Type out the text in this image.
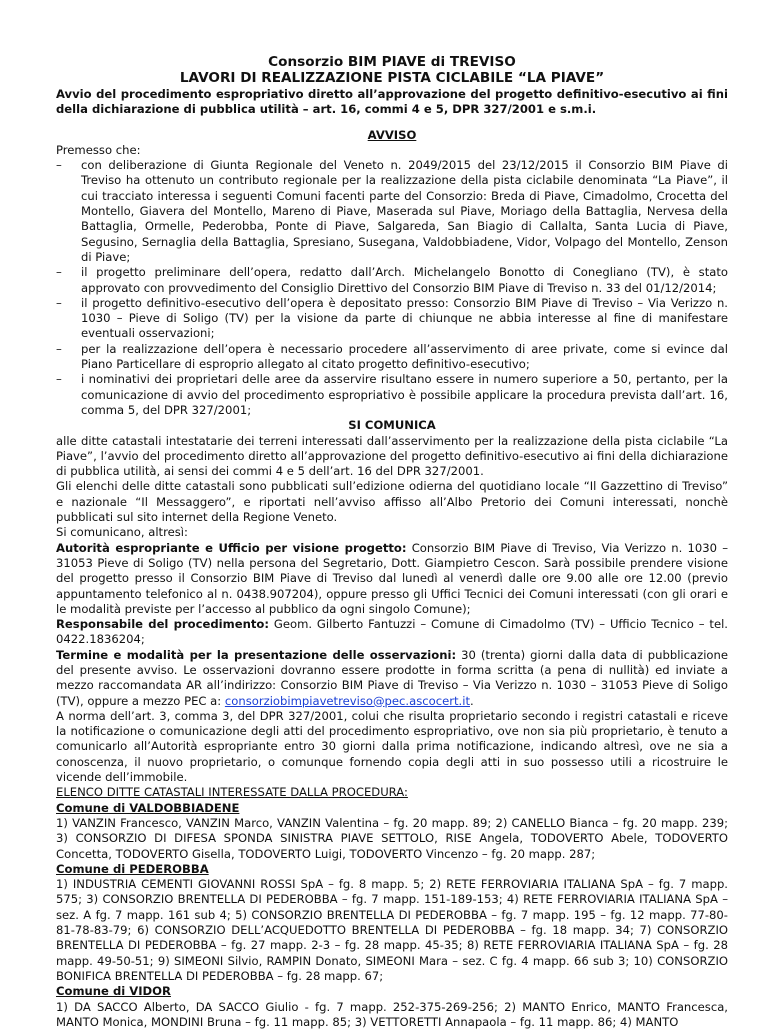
Consorzio BIM PIAVE di TREVISO
LAVORI DI REALIZZAZIONE PISTA CICLABILE “LA PIAVE”
Avvio del procedimento espropriativo diretto all’approvazione del progetto definitivo-esecutivo ai fini della dichiarazione di pubblica utilità – art. 16, commi 4 e 5, DPR 327/2001 e s.m.i.
AVVISO

Premesso che:

– con deliberazione di Giunta Regionale del Veneto n. 2049/2015 del 23/12/2015 il Consorzio BIM Piave di Treviso ha ottenuto un contributo regionale per la realizzazione della pista ciclabile denominata “La Piave”, il cui tracciato interessa i seguenti Comuni facenti parte del Consorzio: Breda di Piave, Cimadolmo, Crocetta del Montello, Giavera del Montello, Mareno di Piave, Maserada sul Piave, Moriago della Battaglia, Nervesa della Battaglia, Ormelle, Pederobba, Ponte di Piave, Salgareda, San Biagio di Callalta, Santa Lucia di Piave, Segusino, Sernaglia della Battaglia, Spresiano, Susegana, Valdobbiadene, Vidor, Volpago del Montello, Zenson di Piave;
– il progetto preliminare dell’opera, redatto dall’Arch. Michelangelo Bonotto di Conegliano (TV), è stato approvato con provvedimento del Consiglio Direttivo del Consorzio BIM Piave di Treviso n. 33 del 01/12/2014;
– il progetto definitivo-esecutivo dell’opera è depositato presso: Consorzio BIM Piave di Treviso – Via Verizzo n. 1030 – Pieve di Soligo (TV) per la visione da parte di chiunque ne abbia interesse al fine di manifestare eventuali osservazioni;
– per la realizzazione dell’opera è necessario procedere all’asservimento di aree private, come si evince dal Piano Particellare di esproprio allegato al citato progetto definitivo-esecutivo;
– i nominativi dei proprietari delle aree da asservire risultano essere in numero superiore a 50, pertanto, per la comunicazione di avvio del procedimento espropriativo è possibile applicare la procedura prevista dall’art. 16, comma 5, del DPR 327/2001;
SI COMUNICA

alle ditte catastali intestatarie dei terreni interessati dall’asservimento per la realizzazione della pista ciclabile “La Piave”, l’avvio del procedimento diretto all’approvazione del progetto definitivo-esecutivo ai fini della dichiarazione di pubblica utilità, ai sensi dei commi 4 e 5 dell’art. 16 del DPR 327/2001.

Gli elenchi delle ditte catastali sono pubblicati sull’edizione odierna del quotidiano locale “Il Gazzettino di Treviso” e nazionale “Il Messaggero”, e riportati nell’avviso affisso all’Albo Pretorio dei Comuni interessati, nonchè pubblicati sul sito internet della Regione Veneto.

Si comunicano, altresì:

Autorità espropriante e Ufficio per visione progetto: Consorzio BIM Piave di Treviso, Via Verizzo n. 1030 – 31053 Pieve di Soligo (TV) nella persona del Segretario, Dott. Giampietro Cescon. Sarà possibile prendere visione del progetto presso il Consorzio BIM Piave di Treviso dal lunedì al venerdì dalle ore 9.00 alle ore 12.00 (previo appuntamento telefonico al n. 0438.907204), oppure presso gli Uffici Tecnici dei Comuni interessati (con gli orari e le modalità previste per l’accesso al pubblico da ogni singolo Comune);

Responsabile del procedimento: Geom. Gilberto Fantuzzi – Comune di Cimadolmo (TV) – Ufficio Tecnico – tel. 0422.1836204;

Termine e modalità per la presentazione delle osservazioni: 30 (trenta) giorni dalla data di pubblicazione del presente avviso. Le osservazioni dovranno essere prodotte in forma scritta (a pena di nullità) ed inviate a mezzo raccomandata AR all’indirizzo: Consorzio BIM Piave di Treviso – Via Verizzo n. 1030 – 31053 Pieve di Soligo (TV), oppure a mezzo PEC a: consorziobimpiavetreviso@pec.ascocert.it.

A norma dell’art. 3, comma 3, del DPR 327/2001, colui che risulta proprietario secondo i registri catastali e riceve la notificazione o comunicazione degli atti del procedimento espropriativo, ove non sia più proprietario, è tenuto a comunicarlo all’Autorità espropriante entro 30 giorni dalla prima notificazione, indicando altresì, ove ne sia a conoscenza, il nuovo proprietario, o comunque fornendo copia degli atti in suo possesso utili a ricostruire le vicende dell’immobile.

ELENCO DITTE CATASTALI INTERESSATE DALLA PROCEDURA:

Comune di VALDOBBIADENE

1) VANZIN Francesco, VANZIN Marco, VANZIN Valentina – fg. 20 mapp. 89; 2) CANELLO Bianca – fg. 20 mapp. 239; 3) CONSORZIO DI DIFESA SPONDA SINISTRA PIAVE SETTOLO, RISE Angela, TODOVERTO Abele, TODOVERTO Concetta, TODOVERTO Gisella, TODOVERTO Luigi, TODOVERTO Vincenzo – fg. 20 mapp. 287;

Comune di PEDEROBBA

1) INDUSTRIA CEMENTI GIOVANNI ROSSI SpA – fg. 8 mapp. 5; 2) RETE FERROVIARIA ITALIANA SpA – fg. 7 mapp. 575; 3) CONSORZIO BRENTELLA DI PEDEROBBA – fg. 7 mapp. 151-189-153; 4) RETE FERROVIARIA ITALIANA SpA – sez. A fg. 7 mapp. 161 sub 4; 5) CONSORZIO BRENTELLA DI PEDEROBBA – fg. 7 mapp. 195 – fg. 12 mapp. 77-80-81-78-83-79; 6) CONSORZIO DELL’ACQUEDOTTO BRENTELLA DI PEDEROBBA – fg. 18 mapp. 34; 7) CONSORZIO BRENTELLA DI PEDEROBBA – fg. 27 mapp. 2-3 – fg. 28 mapp. 45-35; 8) RETE FERROVIARIA ITALIANA SpA – fg. 28 mapp. 49-50-51; 9) SIMEONI Silvio, RAMPIN Donato, SIMEONI Mara – sez. C fg. 4 mapp. 66 sub 3; 10) CONSORZIO BONIFICA BRENTELLA DI PEDEROBBA – fg. 28 mapp. 67;

Comune di VIDOR

1) DA SACCO Alberto, DA SACCO Giulio - fg. 7 mapp. 252-375-269-256; 2) MANTO Enrico, MANTO Francesca, MANTO Monica, MONDINI Bruna – fg. 11 mapp. 85; 3) VETTORETTI Annapaola – fg. 11 mapp. 86; 4) MANTO
